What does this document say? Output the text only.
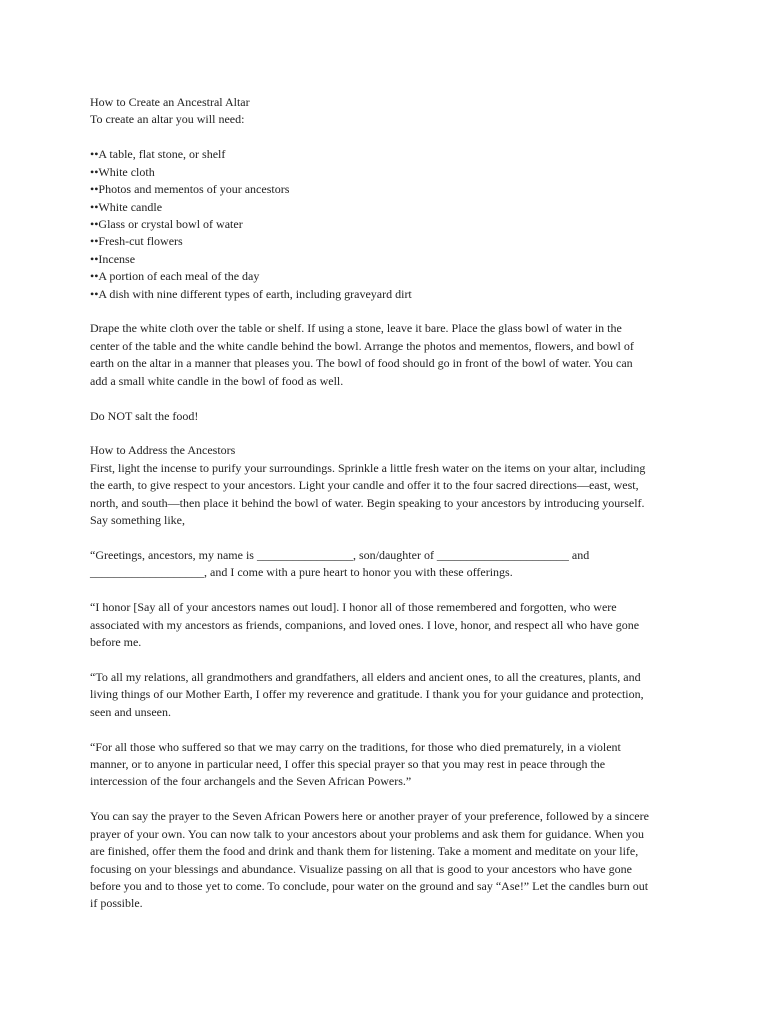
How to Create an Ancestral Altar
To create an altar you will need:
••A table, flat stone, or shelf
••White cloth
••Photos and mementos of your ancestors
••White candle
••Glass or crystal bowl of water
••Fresh-cut flowers
••Incense
••A portion of each meal of the day
••A dish with nine different types of earth, including graveyard dirt
Drape the white cloth over the table or shelf. If using a stone, leave it bare. Place the glass bowl of water in the
center of the table and the white candle behind the bowl. Arrange the photos and mementos, flowers, and bowl of
earth on the altar in a manner that pleases you. The bowl of food should go in front of the bowl of water. You can
add a small white candle in the bowl of food as well.
Do NOT salt the food!
How to Address the Ancestors
First, light the incense to purify your surroundings. Sprinkle a little fresh water on the items on your altar, including
the earth, to give respect to your ancestors. Light your candle and offer it to the four sacred directions—east, west,
north, and south—then place it behind the bowl of water. Begin speaking to your ancestors by introducing yourself.
Say something like,
“Greetings, ancestors, my name is ________________, son/daughter of ______________________ and
___________________, and I come with a pure heart to honor you with these offerings.
“I honor [Say all of your ancestors names out loud]. I honor all of those remembered and forgotten, who were
associated with my ancestors as friends, companions, and loved ones. I love, honor, and respect all who have gone
before me.
“To all my relations, all grandmothers and grandfathers, all elders and ancient ones, to all the creatures, plants, and
living things of our Mother Earth, I offer my reverence and gratitude. I thank you for your guidance and protection,
seen and unseen.
“For all those who suffered so that we may carry on the traditions, for those who died prematurely, in a violent
manner, or to anyone in particular need, I offer this special prayer so that you may rest in peace through the
intercession of the four archangels and the Seven African Powers.”
You can say the prayer to the Seven African Powers here or another prayer of your preference, followed by a sincere
prayer of your own. You can now talk to your ancestors about your problems and ask them for guidance. When you
are finished, offer them the food and drink and thank them for listening. Take a moment and meditate on your life,
focusing on your blessings and abundance. Visualize passing on all that is good to your ancestors who have gone
before you and to those yet to come. To conclude, pour water on the ground and say “Ase!” Let the candles burn out
if possible.
